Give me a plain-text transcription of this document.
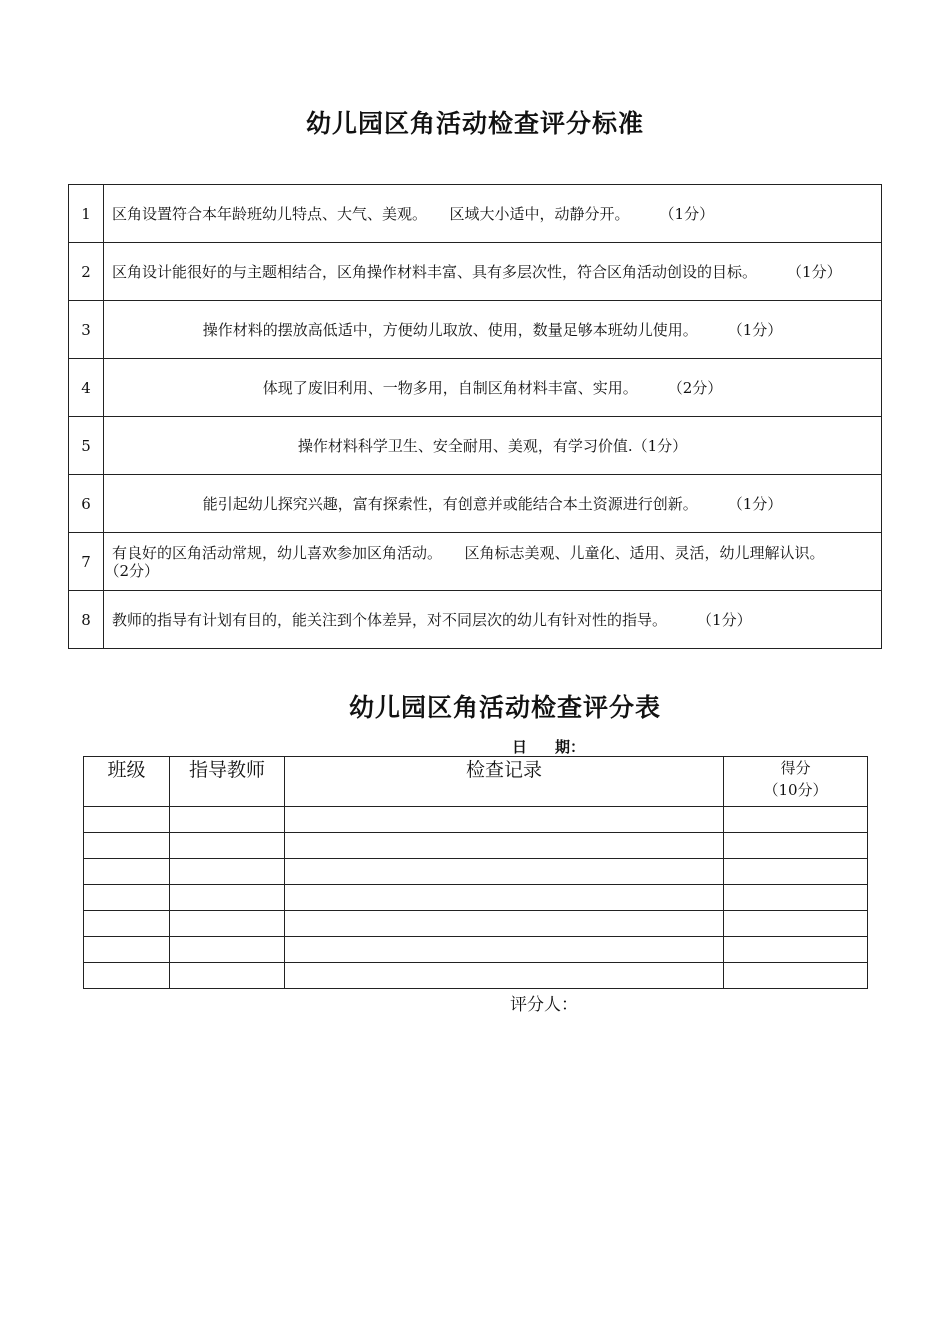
幼儿园区角活动检查评分标准
1	区角设置符合本年龄班幼儿特点、大气、美观。　　区域大小适中，动静分开。　　　 （1分）
2	区角设计能很好的与主题相结合，区角操作材料丰富、具有多层次性，符合区角活动创设的目标。　　　 （1分）
3	操作材料的摆放高低适中，方便幼儿取放、使用，数量足够本班幼儿使用。　　　 （1分）
4	体现了废旧利用、一物多用，自制区角材料丰富、实用。　　　 （2分）
5	操作材料科学卫生、安全耐用、美观，有学习价值.（1分）
6	能引起幼儿探究兴趣，富有探索性，有创意并或能结合本土资源进行创新。　　　 （1分）
7	有良好的区角活动常规，幼儿喜欢参加区角活动。　　区角标志美观、儿童化、适用、灵活，幼儿理解认识。　　　（2分）
8	教师的指导有计划有目的，能关注到个体差异，对不同层次的幼儿有针对性的指导。　　　 （1分）
幼儿园区角活动检查评分表
日 期：
班级	指导教师	检查记录	得分
（10分）

评分人：
